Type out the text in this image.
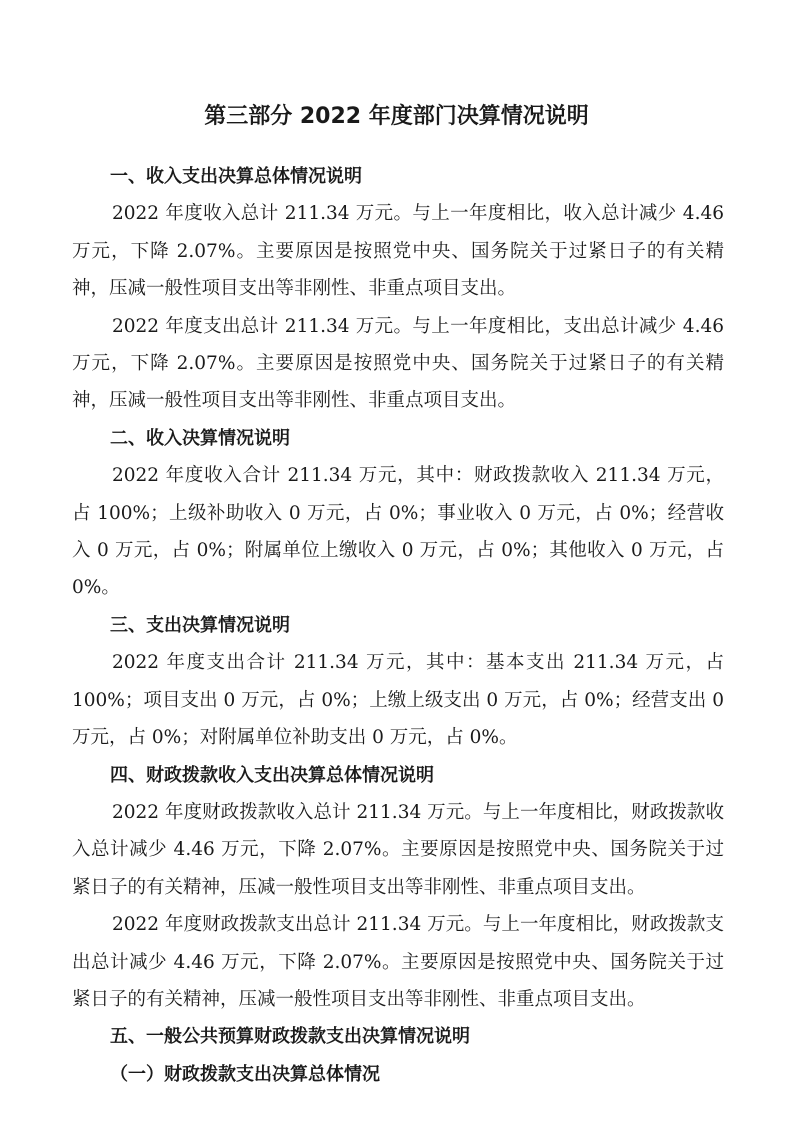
第三部分 2022 年度部门决算情况说明

一、收入支出决算总体情况说明

2022 年度收入总计 211.34 万元。与上一年度相比，收入总计减少 4.46 万元，下降 2.07%。主要原因是按照党中央、国务院关于过紧日子的有关精神，压减一般性项目支出等非刚性、非重点项目支出。

2022 年度支出总计 211.34 万元。与上一年度相比，支出总计减少 4.46 万元，下降 2.07%。主要原因是按照党中央、国务院关于过紧日子的有关精神，压减一般性项目支出等非刚性、非重点项目支出。

二、收入决算情况说明

2022 年度收入合计 211.34 万元，其中：财政拨款收入 211.34 万元，占 100%；上级补助收入 0 万元，占 0%；事业收入 0 万元，占 0%；经营收入 0 万元，占 0%；附属单位上缴收入 0 万元，占 0%；其他收入 0 万元，占 0%。

三、支出决算情况说明

2022 年度支出合计 211.34 万元，其中：基本支出 211.34 万元，占 100%；项目支出 0 万元，占 0%；上缴上级支出 0 万元，占 0%；经营支出 0 万元，占 0%；对附属单位补助支出 0 万元，占 0%。

四、财政拨款收入支出决算总体情况说明

2022 年度财政拨款收入总计 211.34 万元。与上一年度相比，财政拨款收入总计减少 4.46 万元，下降 2.07%。主要原因是按照党中央、国务院关于过紧日子的有关精神，压减一般性项目支出等非刚性、非重点项目支出。

2022 年度财政拨款支出总计 211.34 万元。与上一年度相比，财政拨款支出总计减少 4.46 万元，下降 2.07%。主要原因是按照党中央、国务院关于过紧日子的有关精神，压减一般性项目支出等非刚性、非重点项目支出。

五、一般公共预算财政拨款支出决算情况说明

（一）财政拨款支出决算总体情况
